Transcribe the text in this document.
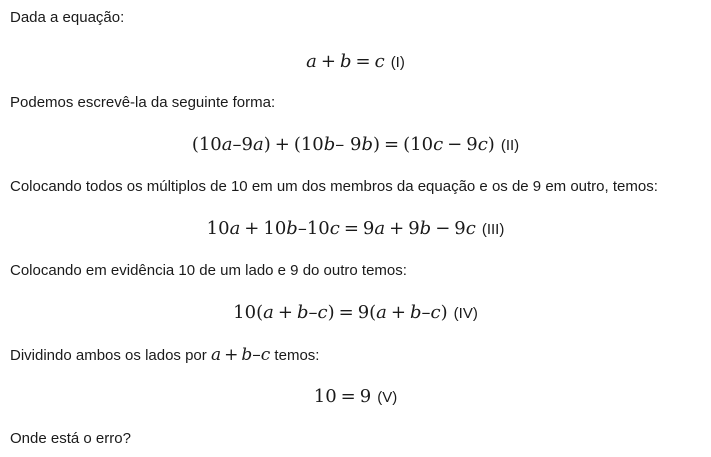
Dada a equação:
a + b = c (I)
Podemos escrevê-la da seguinte forma:
(10a–9a) + (10b– 9b) = (10c − 9c) (II)
Colocando todos os múltiplos de 10 em um dos membros da equação e os de 9 em outro, temos:
10a + 10b–10c = 9a + 9b − 9c (III)
Colocando em evidência 10 de um lado e 9 do outro temos:
10(a + b–c) = 9(a + b–c) (IV)
Dividindo ambos os lados por a + b–c temos:
10 = 9 (V)
Onde está o erro?
